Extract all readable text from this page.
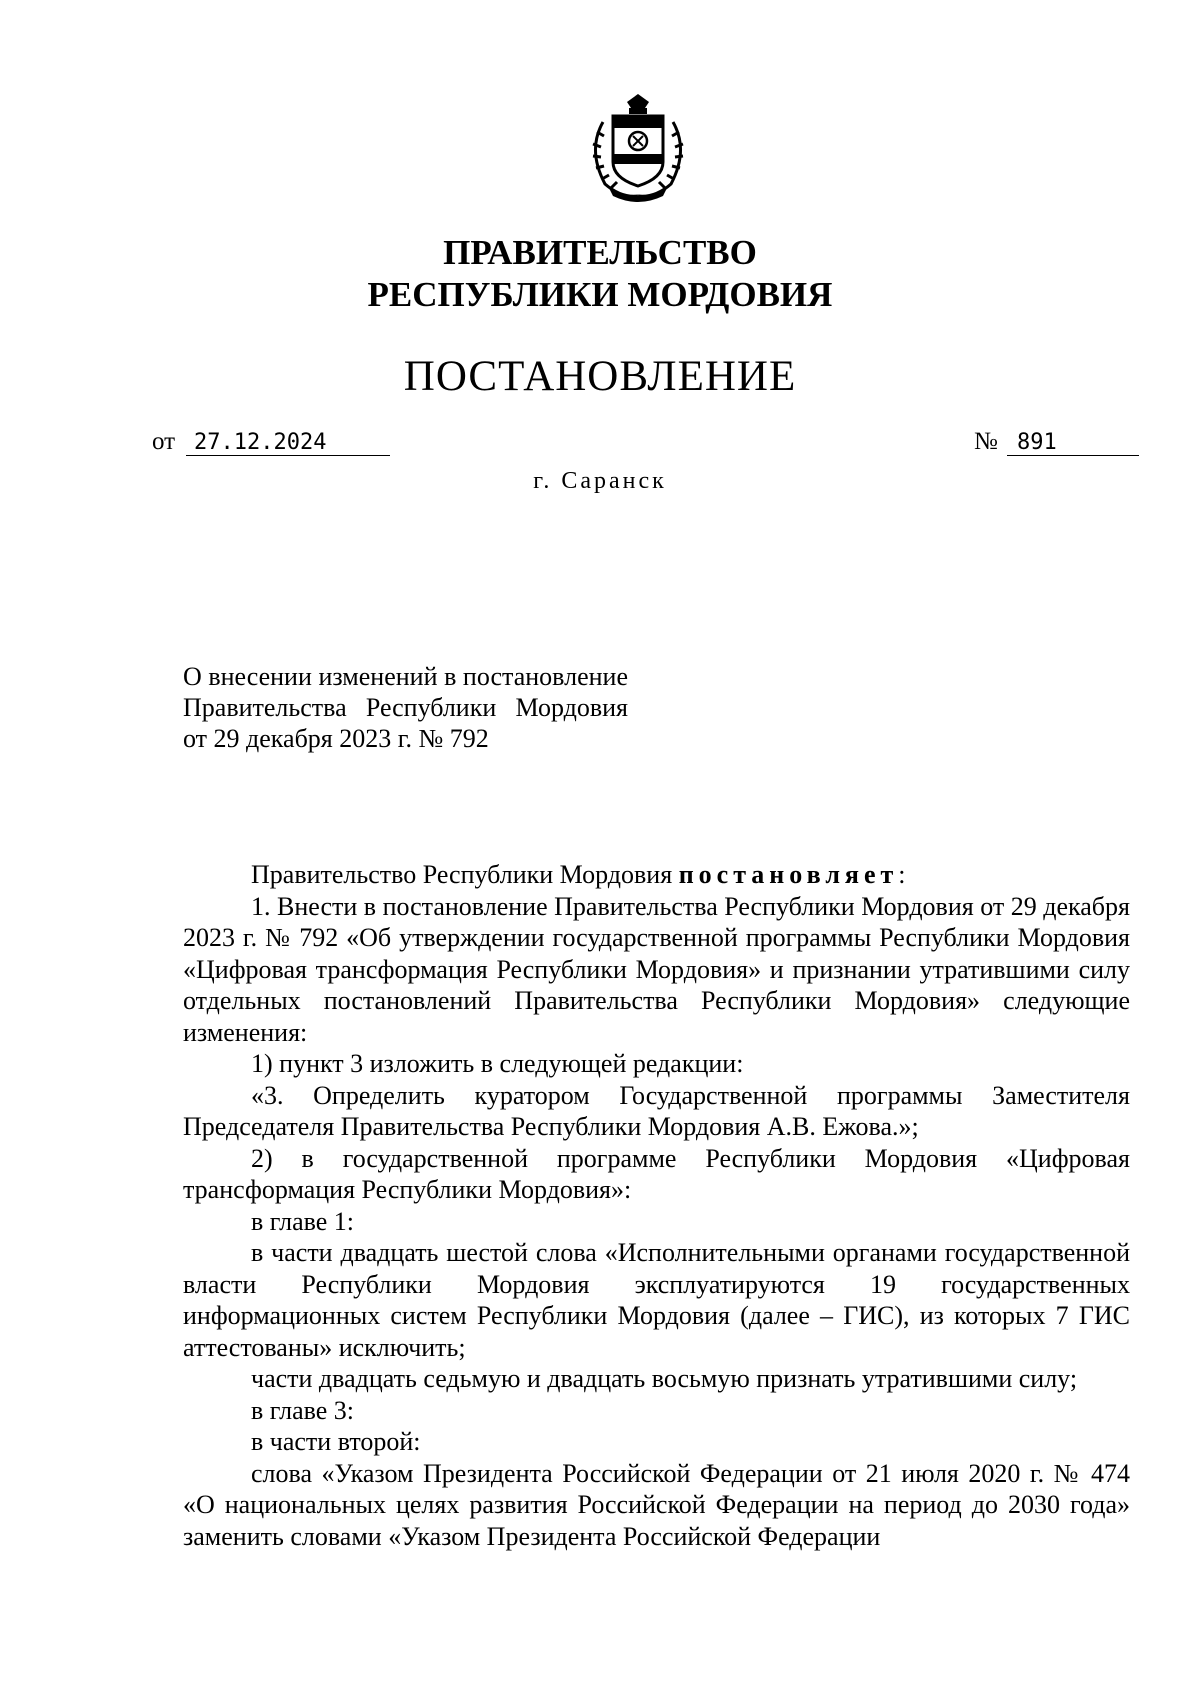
ПРАВИТЕЛЬСТВО
РЕСПУБЛИКИ МОРДОВИЯ
ПОСТАНОВЛЕНИЕ
от 27.12.2024	№ 891
г. Саранск
О внесении изменений в постановление Правительства Республики Мордовия от 29 декабря 2023 г. № 792

Правительство Республики Мордовия постановляет:

1. Внести в постановление Правительства Республики Мордовия от 29 декабря 2023 г. № 792 «Об утверждении государственной программы Республики Мордовия «Цифровая трансформация Республики Мордовия» и признании утратившими силу отдельных постановлений Правительства Республики Мордовия» следующие изменения:

1) пункт 3 изложить в следующей редакции:

«3. Определить куратором Государственной программы Заместителя Председателя Правительства Республики Мордовия А.В. Ежова.»;

2) в государственной программе Республики Мордовия «Цифровая трансформация Республики Мордовия»:

в главе 1:

в части двадцать шестой слова «Исполнительными органами государственной власти Республики Мордовия эксплуатируются 19 государственных информационных систем Республики Мордовия (далее – ГИС), из которых 7 ГИС аттестованы» исключить;

части двадцать седьмую и двадцать восьмую признать утратившими силу;

в главе 3:

в части второй:

слова «Указом Президента Российской Федерации от 21 июля 2020 г. № 474 «О национальных целях развития Российской Федерации на период до 2030 года» заменить словами «Указом Президента Российской Федерации
